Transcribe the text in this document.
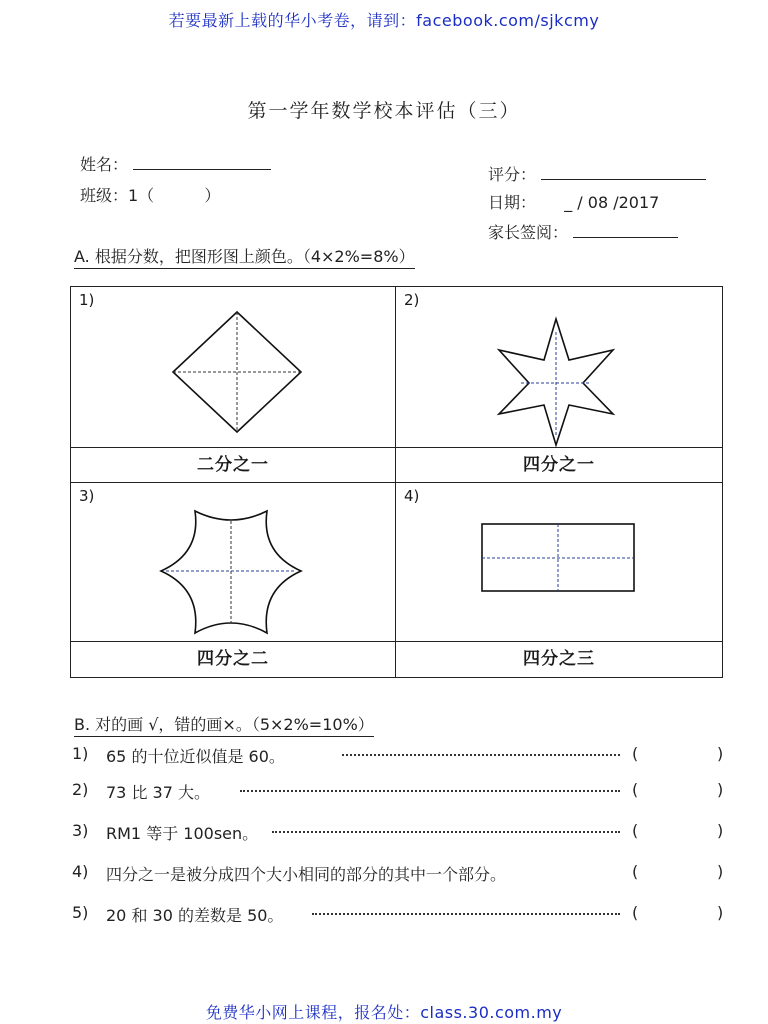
若要最新上载的华小考卷，请到：facebook.com/sjkcmy
第一学年数学校本评估（三）
姓名：
班级：1（	）
评分：
日期： _ / 08 /2017
家长签阅：
A. 根据分数，把图形图上颜色。（4×2%=8%）
1)	2)

二分之一	四分之一

3)	4)

四分之二	四分之三
B. 对的画 √，错的画×。（5×2%=10%）
1) 65 的十位近似值是 60。	(	)
2) 73 比 37 大。	(	)
3) RM1 等于 100sen。	(	)
4) 四分之一是被分成四个大小相同的部分的其中一个部分。	(	)
5) 20 和 30 的差数是 50。	(	)
免费华小网上课程，报名处：class.30.com.my
